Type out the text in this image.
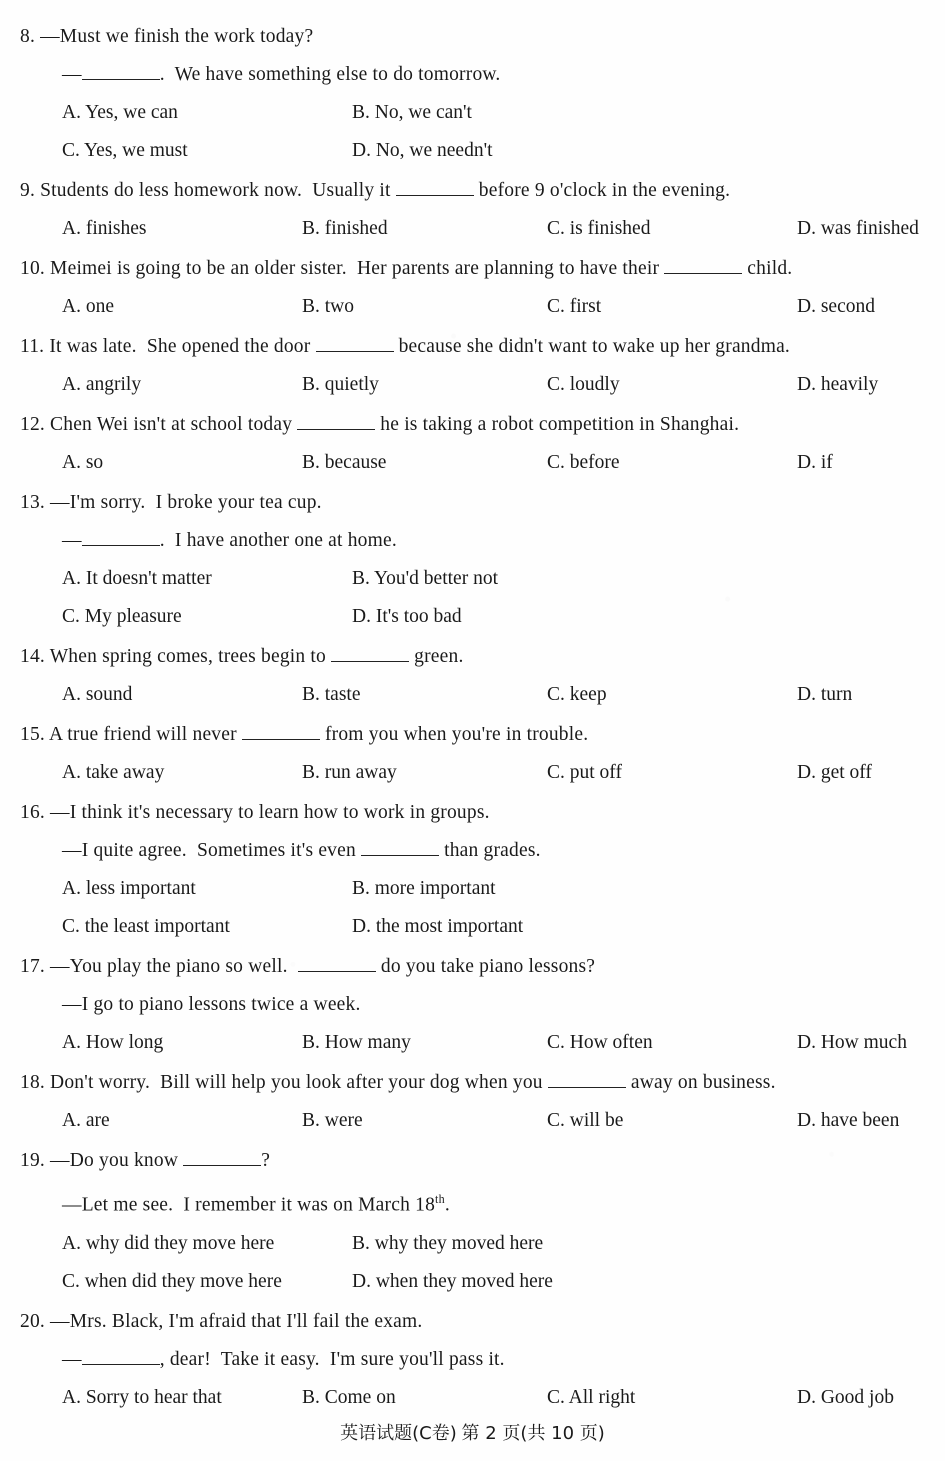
8. —Must we finish the work today?
—	.  We have something else to do tomorrow.
A. Yes, we can	B. No, we can't
C. Yes, we must	D. No, we needn't
9. Students do less homework now.  Usually it	before 9 o'clock in the evening.
A. finishes	B. finished	C. is finished	D. was finished
10. Meimei is going to be an older sister.  Her parents are planning to have their	child.
A. one	B. two	C. first	D. second
11. It was late.  She opened the door	because she didn't want to wake up her grandma.
A. angrily	B. quietly	C. loudly	D. heavily
12. Chen Wei isn't at school today	he is taking a robot competition in Shanghai.
A. so	B. because	C. before	D. if
13. —I'm sorry.  I broke your tea cup.
—	.  I have another one at home.
A. It doesn't matter	B. You'd better not
C. My pleasure	D. It's too bad
14. When spring comes, trees begin to	green.
A. sound	B. taste	C. keep	D. turn
15. A true friend will never	from you when you're in trouble.
A. take away	B. run away	C. put off	D. get off
16. —I think it's necessary to learn how to work in groups.
—I quite agree.  Sometimes it's even	than grades.
A. less important	B. more important
C. the least important	D. the most important
17. —You play the piano so well.	do you take piano lessons?
—I go to piano lessons twice a week.
A. How long	B. How many	C. How often	D. How much
18. Don't worry.  Bill will help you look after your dog when you	away on business.
A. are	B. were	C. will be	D. have been
19. —Do you know	?
—Let me see.  I remember it was on March 18th.
A. why did they move here	B. why they moved here
C. when did they move here	D. when they moved here
20. —Mrs. Black, I'm afraid that I'll fail the exam.
—	, dear!  Take it easy.  I'm sure you'll pass it.
A. Sorry to hear that	B. Come on	C. All right	D. Good job
英语试题(C卷) 第 2 页(共 10 页)
